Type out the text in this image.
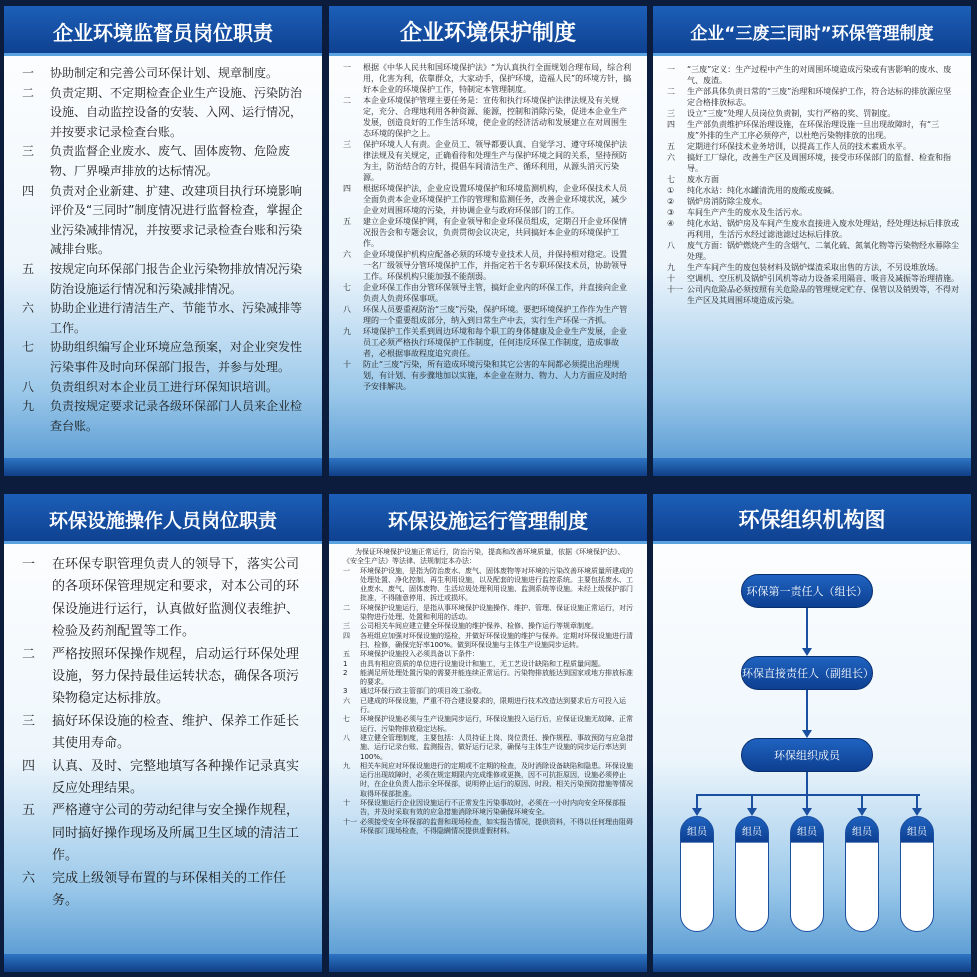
企业环境监督员岗位职责
一	协助制定和完善公司环保计划、规章制度。
二	负责定期、不定期检查企业生产设施、污染防治设施、自动监控设备的安装、入网、运行情况，并按要求记录检查台账。
三	负责监督企业废水、废气、固体废物、危险废物、厂界噪声排放的达标情况。
四	负责对企业新建、扩建、改建项目执行环境影响评价及“三同时”制度情况进行监督检查，掌握企业污染减排情况，并按要求记录检查台账和污染减排台账。
五	按规定向环保部门报告企业污染物排放情况污染防治设施运行情况和污染减排情况。
六	协助企业进行清洁生产、节能节水、污染减排等工作。
七	协助组织编写企业环境应急预案，对企业突发性污染事件及时向环保部门报告，并参与处理。
八	负责组织对本企业员工进行环保知识培训。
九	负责按规定要求记录各级环保部门人员来企业检查台账。
企业环境保护制度
一	根据《中华人民共和国环境保护法》“为认真执行全面规划合理布局，综合利用，化害为利，依靠群众，大家动手，保护环境，造福人民”的环境方针，搞好本企业的环境保护工作，特制定本管理制度。
二	本企业环境保护管理主要任务是：宣传和执行环境保护法律法规及有关规定，充分、合理地利用各种资源、能源，控制和消除污染，促进本企业生产发展，创造良好的工作生活环境，使企业的经济活动和发展建立在对周围生态环境的保护之上。
三	保护环境人人有责。企业员工、领导都要认真、自觉学习、遵守环境保护法律法规及有关规定，正确看待和处理生产与保护环境之间的关系，坚持预防为主，防治结合的方针，提倡车间清洁生产、循环利用，从源头消灭污染源。
四	根据环境保护法，企业应设置环境保护和环境监测机构，企业环保技术人员全面负责本企业环境保护工作的管理和监测任务，改善企业环境状况，减少企业对周围环境的污染，并协调企业与政府环保部门的工作。
五	建立企业环境保护网，有企业领导和企业环保员组成，定期召开企业环保情况报告会和专题会议，负责贯彻会议决定，共同搞好本企业的环境保护工作。
六	企业环境保护机构应配备必须的环境专业技术人员，并保持相对稳定。设置一名厂级领导分管环境保护工作，并指定若干名专职环保技术员，协助领导工作。环保机构只能加强不能削弱。
七	企业环保工作由分管环保领导主管，搞好企业内的环保工作，并直接向企业负责人负责环保事项。
八	环保人员要重视防治“三废”污染，保护环境。要把环境保护工作作为生产管理的一个重要组成部分，纳入到日常生产中去，实行生产环保一齐抓。
九	环境保护工作关系到周边环境和每个职工的身体健康及企业生产发展，企业员工必须严格执行环境保护工作制度，任何违反环保工作制度，造成事故者，必根据事故程度追究责任。
十	防止“三废”污染，所有造成环境污染和其它公害的车间都必须提出治理规划，有计划、有步骤地加以实施，本企业在财力、物力、人力方面应及时给予安排解决。
企业“三废三同时”环保管理制度
一	“三废”定义：生产过程中产生的对周围环境造成污染或有害影响的废水、废气、废渣。
二	生产部具体负责日常的“三废”治理和环境保护工作，符合达标的排放源应坚定合格排放标志。
三	设立“三废”处理人员岗位负责制，实行严格的奖、罚制度。
四	生产部负责维护环保治理设施，在环保治理设施一旦出现故障时，有“三废”外排的生产工序必须停产，以杜绝污染物排放的出现。
五	定期进行环保技术业务培训，以提高工作人员的技术素质水平。
六	搞好工厂绿化，改善生产区及周围环境，接受市环保部门的监督、检查和指导。
七	废水方面
①	纯化水站：纯化水罐清洗用的废酸或废碱。
②	锅炉房消防除尘废水。
③	车间生产产生的废水及生活污水。
④	纯化水站、锅炉房及车间产生废水直接进入废水处理站，经处理达标后排放或再利用，生活污水经过滤池滤过达标后排放。
八	废气方面：锅炉燃烧产生的含烟气、二氧化硫、氮氧化物等污染物经水幕除尘处理。
九	生产车间产生的废包装材料及锅炉煤渣采取出售的方法，不另设堆放场。
十	空调机、空压机及锅炉引风机等动力设备采用隔音、吸音及减振等治理措施。
十一 公司内危险品必须按照有关危险品的管理规定贮存、保管以及销毁等，不得对生产区及其周围环境造成污染。
环保设施操作人员岗位职责
一	在环保专职管理负责人的领导下，落实公司的各项环保管理规定和要求，对本公司的环保设施进行运行，认真做好监测仪表维护、检验及药剂配置等工作。
二	严格按照环保操作规程，启动运行环保处理设施，努力保持最佳运转状态，确保各项污染物稳定达标排放。
三	搞好环保设施的检查、维护、保养工作延长其使用寿命。
四	认真、及时、完整地填写各种操作记录真实反应处理结果。
五	严格遵守公司的劳动纪律与安全操作规程，同时搞好操作现场及所属卫生区域的清洁工作。
六	完成上级领导布置的与环保相关的工作任务。
环保设施运行管理制度
为保证环境保护设施正常运行，防治污染，提高和改善环境质量，依据《环境保护法》、《安全生产法》等法律、法规制定本办法：
一	环境保护设施，是指为防治废水、废气、固体废物等对环境的污染改善环境质量所建成的处理处置、净化控制、再生利用设施，以及配套的设施进行监控系统。主要包括废水、工业废水、废气、固体废物、生活垃圾处理利用设施、监测系统等设施。未经上级保护部门批准，不得随意停用、拆迁或损坏。
二	环境保护设施运行，是指从事环境保护设施操作、维护、管理、保证设施正常运行，对污染物进行处理、处置和利用的活动。
三	公司相关车间应建立健全环保设施的维护保养、检修、操作运行等规章制度。
四	各班组应加强对环保设施的巡检，并做好环保设施的维护与保养。定期对环保设施进行清扫、检修，确保完好率100%。做到环保设施与主体生产设施同步运转。
五	环境保护设施投入必须具备以下条件：
1	由具有相应资质的单位进行设施设计和施工，无工艺设计缺陷和工程质量问题。
2	能满足所处理处置污染的需要并能连续正常运行。污染物排放能达到国家或地方排放标准的要求。
3	通过环保行政主管部门的项目竣工验收。
六	已建成的环保设施，严重不符合建设要求的，限期进行技术改造达到要求后方可投入运行。
七	环境保护设施必须与生产设施同步运行，环保设施投入运行后，应保证设施无故障、正常运行、污染物排放稳定达标。
八	建立健全管理制度，主要包括：人员持证上岗、岗位责任、操作规程、事故预防与应急措施、运行记录台账、监测报告，做好运行记录，确保与主体生产设施的同步运行率达到100%。
九	相关车间应对环保设施进行的定期或不定期的检查，及时消除设备缺陷和隐患。环保设施运行出现故障时，必须在规定期限内完成维修或更换，因不可抗拒原因，设施必须停止时，在企业负责人指示全环保部，说明停止运行的原因、时段、相关污染预防措施等情况取得环保部批准。
十	环保设施运行企业因设施运行不正常发生污染事故时，必须在一小时内向安全环保部报告，并及时采取有效的应急措施消除环境污染确保环境安全。
十一 必须接受安全环保部的监督和现场检查，如实报告情况，提供资料，不得以任何理由阻碍环保部门现场检查，不得隐瞒情况提供虚假材料。
环保组织机构图
环保第一责任人（组长）
环保直接责任人（副组长）
环保组织成员
组员	组员	组员	组员	组员
